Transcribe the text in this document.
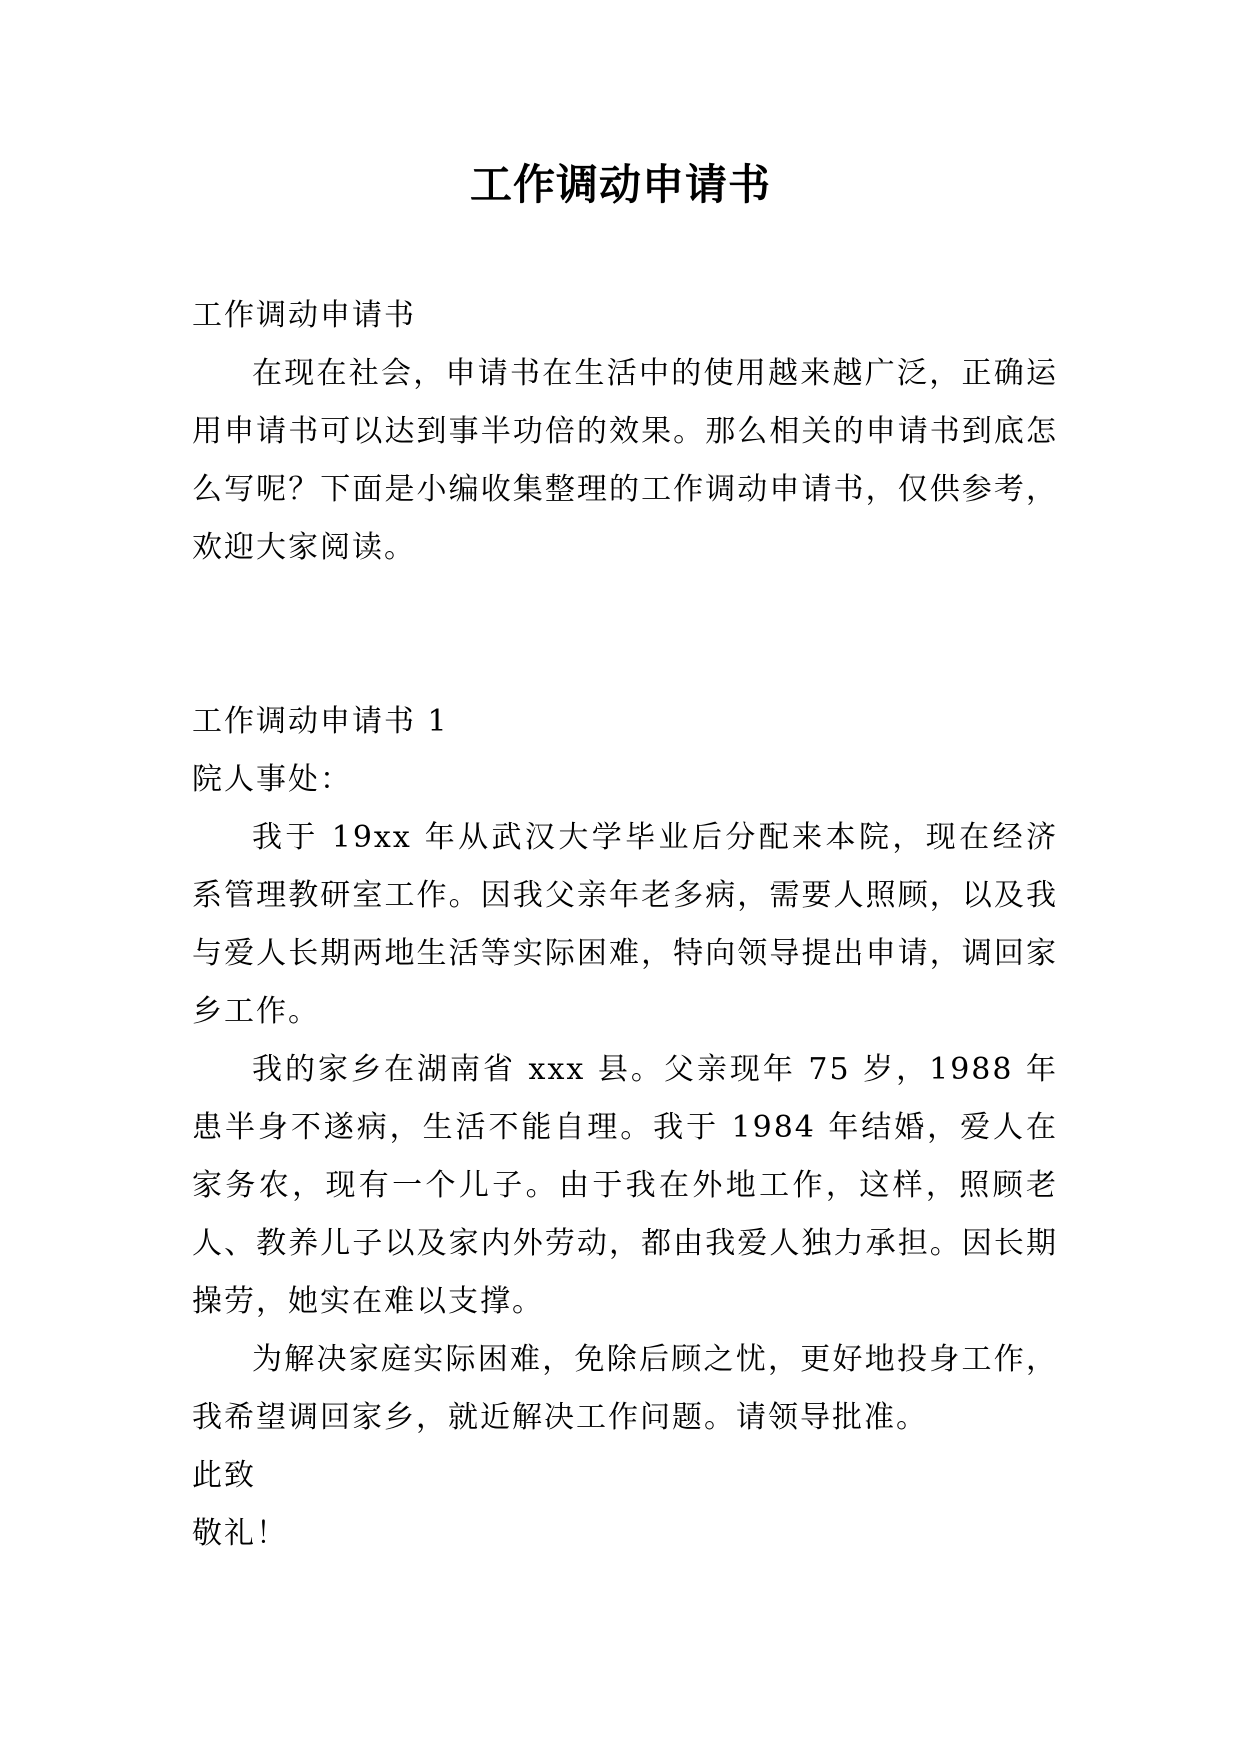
工作调动申请书

工作调动申请书

在现在社会，申请书在生活中的使用越来越广泛，正确运用申请书可以达到事半功倍的效果。那么相关的申请书到底怎么写呢？下面是小编收集整理的工作调动申请书，仅供参考，欢迎大家阅读。

工作调动申请书 1

院人事处：

我于 19xx 年从武汉大学毕业后分配来本院，现在经济系管理教研室工作。因我父亲年老多病，需要人照顾，以及我与爱人长期两地生活等实际困难，特向领导提出申请，调回家乡工作。

我的家乡在湖南省 xxx 县。父亲现年 75 岁，1988 年患半身不遂病，生活不能自理。我于 1984 年结婚，爱人在家务农，现有一个儿子。由于我在外地工作，这样，照顾老人、教养儿子以及家内外劳动，都由我爱人独力承担。因长期操劳，她实在难以支撑。

为解决家庭实际困难，免除后顾之忧，更好地投身工作，我希望调回家乡，就近解决工作问题。请领导批准。

此致

敬礼！
